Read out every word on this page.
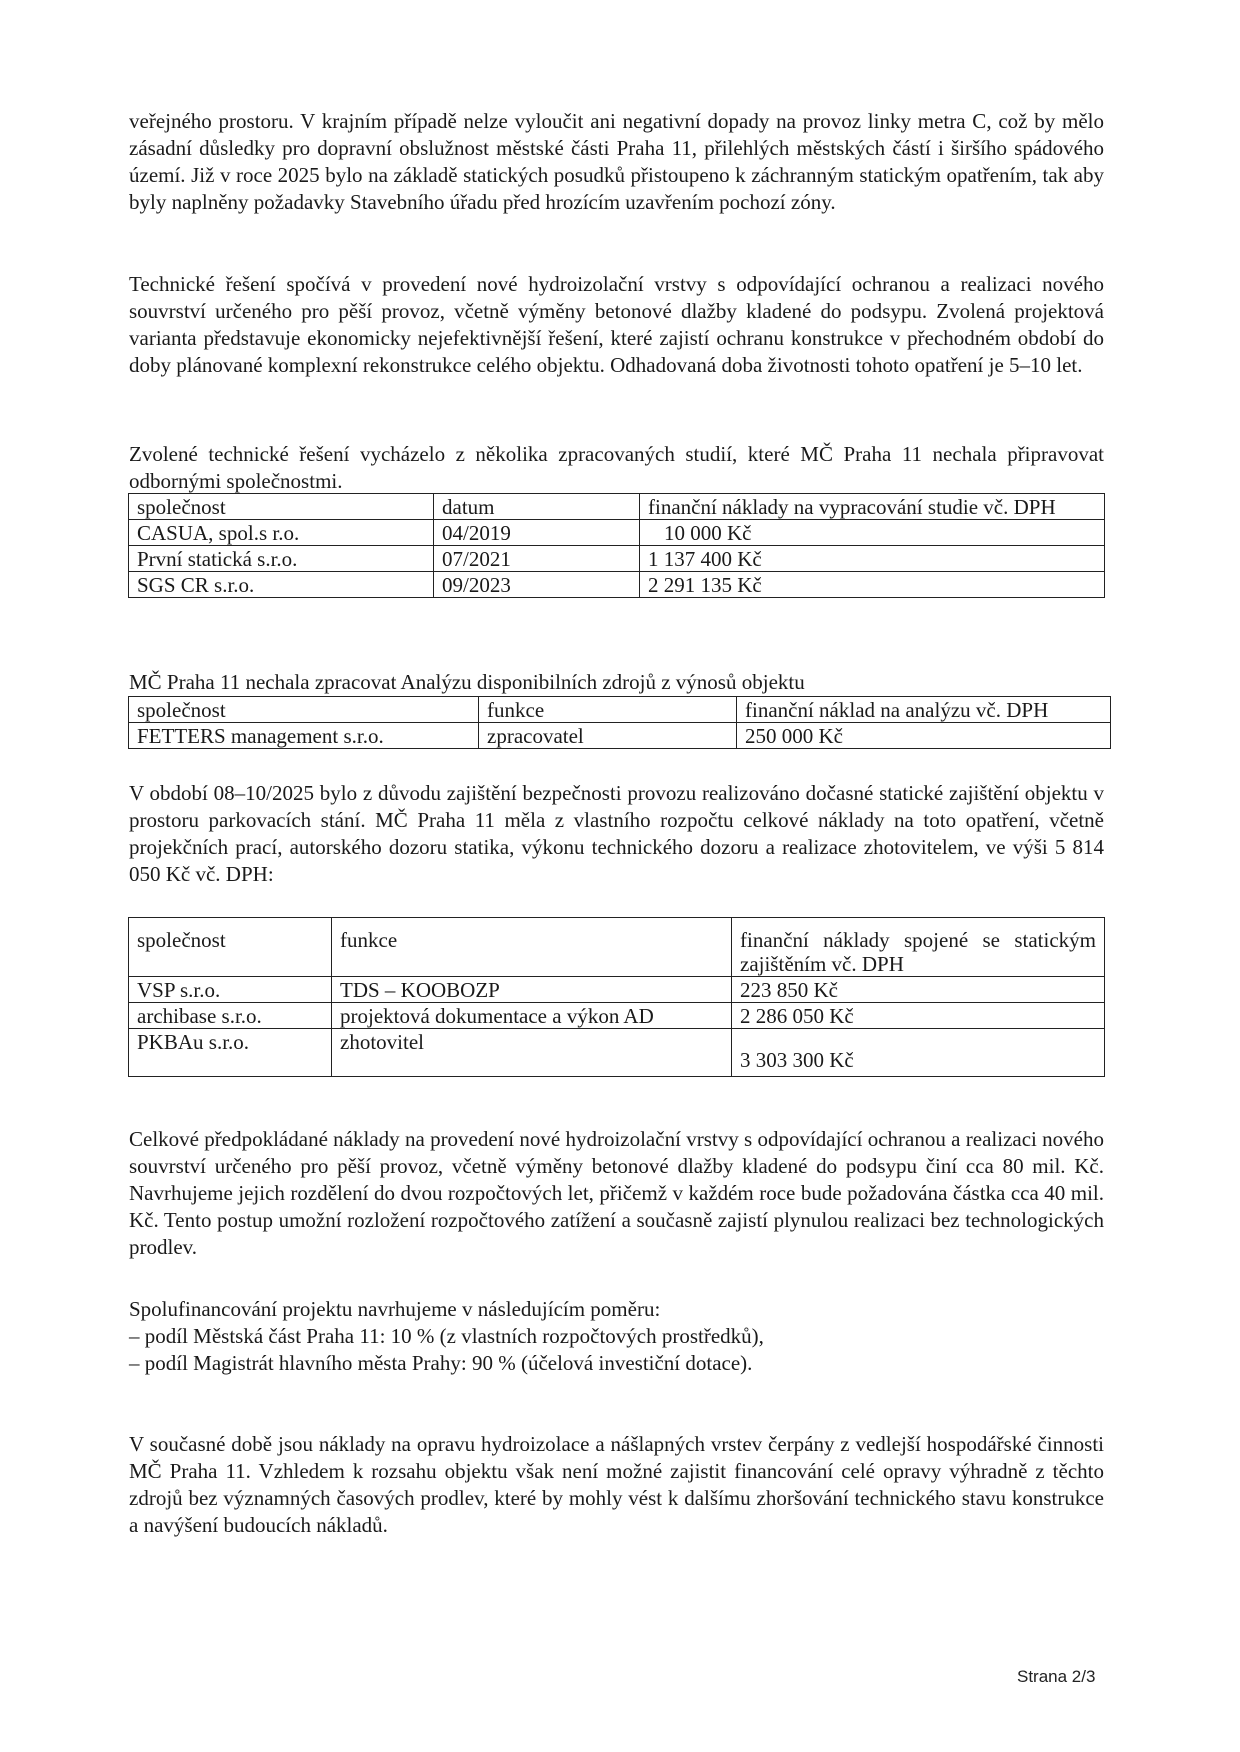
veřejného prostoru. V krajním případě nelze vyloučit ani negativní dopady na provoz linky metra C, což by mělo zásadní důsledky pro dopravní obslužnost městské části Praha 11, přilehlých městských částí i širšího spádového území. Již v roce 2025 bylo na základě statických posudků přistoupeno k záchranným statickým opatřením, tak aby byly naplněny požadavky Stavebního úřadu před hrozícím uzavřením pochozí zóny.

Technické řešení spočívá v provedení nové hydroizolační vrstvy s odpovídající ochranou a realizaci nového souvrství určeného pro pěší provoz, včetně výměny betonové dlažby kladené do podsypu. Zvolená projektová varianta představuje ekonomicky nejefektivnější řešení, které zajistí ochranu konstrukce v přechodném období do doby plánované komplexní rekonstrukce celého objektu. Odhadovaná doba životnosti tohoto opatření je 5–10 let.

Zvolené technické řešení vycházelo z několika zpracovaných studií, které MČ Praha 11 nechala připravovat odbornými společnostmi.

společnost	datum	finanční náklady na vypracování studie vč. DPH
CASUA, spol.s r.o.	04/2019	10 000 Kč
První statická s.r.o.	07/2021	1 137 400 Kč
SGS CR s.r.o.	09/2023	2 291 135 Kč

MČ Praha 11 nechala zpracovat Analýzu disponibilních zdrojů z výnosů objektu

společnost	funkce	finanční náklad na analýzu vč. DPH
FETTERS management s.r.o.	zpracovatel	250 000 Kč

V období 08–10/2025 bylo z důvodu zajištění bezpečnosti provozu realizováno dočasné statické zajištění objektu v prostoru parkovacích stání. MČ Praha 11 měla z vlastního rozpočtu celkové náklady na toto opatření, včetně projekčních prací, autorského dozoru statika, výkonu technického dozoru a realizace zhotovitelem, ve výši 5 814 050 Kč vč. DPH:

společnost	funkce	finanční náklady spojené se statickým zajištěním vč. DPH
VSP s.r.o.	TDS – KOOBOZP	223 850 Kč
archibase s.r.o.	projektová dokumentace a výkon AD	2 286 050 Kč
PKBAu s.r.o.	zhotovitel	3 303 300 Kč

Celkové předpokládané náklady na provedení nové hydroizolační vrstvy s odpovídající ochranou a realizaci nového souvrství určeného pro pěší provoz, včetně výměny betonové dlažby kladené do podsypu činí cca 80 mil. Kč. Navrhujeme jejich rozdělení do dvou rozpočtových let, přičemž v každém roce bude požadována částka cca 40 mil. Kč. Tento postup umožní rozložení rozpočtového zatížení a současně zajistí plynulou realizaci bez technologických prodlev.

Spolufinancování projektu navrhujeme v následujícím poměru:

– podíl Městská část Praha 11: 10 % (z vlastních rozpočtových prostředků),
– podíl Magistrát hlavního města Prahy: 90 % (účelová investiční dotace).

V současné době jsou náklady na opravu hydroizolace a nášlapných vrstev čerpány z vedlejší hospodářské činnosti MČ Praha 11. Vzhledem k rozsahu objektu však není možné zajistit financování celé opravy výhradně z těchto zdrojů bez významných časových prodlev, které by mohly vést k dalšímu zhoršování technického stavu konstrukce a navýšení budoucích nákladů.

Strana 2/3
